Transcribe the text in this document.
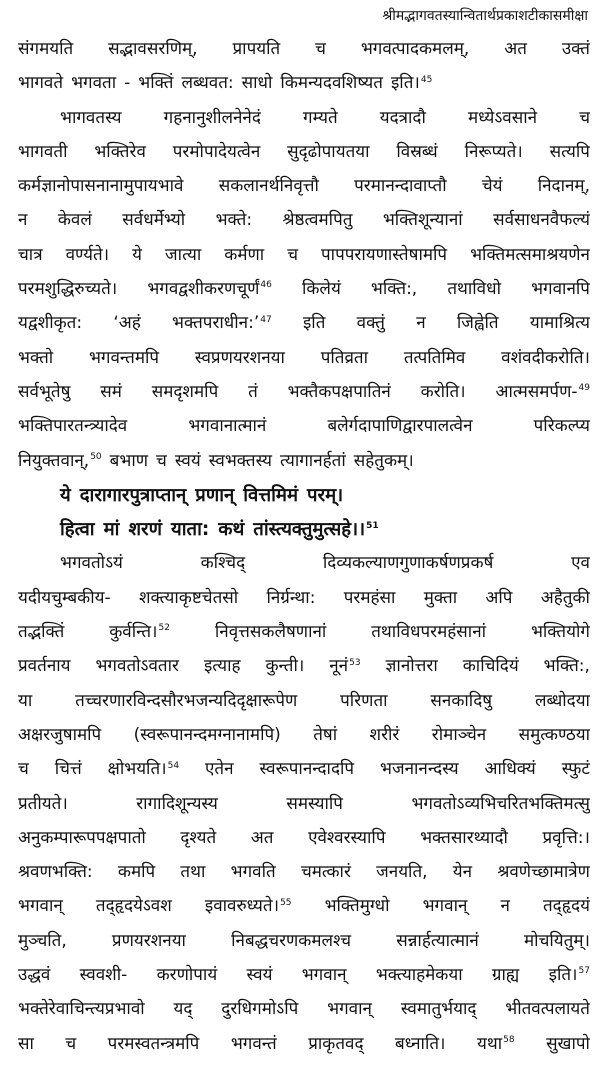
श्रीमद्भागवतस्यान्वितार्थप्रकाशटीकासमीक्षा
संगमयति सद्भावसरणिम्, प्रापयति च भगवत्पादकमलम्, अत उक्तं
भागवते भगवता - भक्तिं लब्धवत: साधो किमन्यदवशिष्यत इति।$^{45}$
भागवतस्य गहनानुशीलनेनेदं गम्यते यदत्रादौ मध्येऽवसाने च
भागवती भक्तिरेव परमोपादेयत्वेन सुदृढोपायतया विस्रब्धं निरूप्यते। सत्यपि
कर्मज्ञानोपासनानामुपायभावे सकलानर्थनिवृत्तौ परमानन्दावाप्तौ चेयं निदानम्,
न केवलं सर्वधर्मेभ्यो भक्ते: श्रेष्ठत्वमपितु भक्तिशून्यानां सर्वसाधनवैफल्यं
चात्र वर्ण्यते। ये जात्या कर्मणा च पापपरायणास्तेषामपि भक्तिमत्समाश्रयणेन
परमशुद्धिरुच्यते। भगवद्वशीकरणचूर्णं$^{46}$ किलेयं भक्ति:, तथाविधो भगवानपि
यद्वशीकृत: ‘अहं भक्तपराधीन:’$^{47}$ इति वक्तुं न जिह्वेति यामाश्रित्य
भक्तो भगवन्तमपि स्वप्रणयरशनया पतिव्रता तत्पतिमिव वशंवदीकरोति।
सर्वभूतेषु समं समदृशमपि तं भक्तैकपक्षपातिनं करोति। आत्मसमर्पण-$^{49}$
भक्तिपारतन्त्र्यादेव	भगवानात्मानं	बलेर्गदापाणिद्वारपालत्वेन	परिकल्प्य
नियुक्तवान्,$^{50}$ बभाण च स्वयं स्वभक्तस्य त्यागानर्हतां सहेतुकम्।
ये दारागारपुत्राप्तान् प्रणान् वित्तमिमं परम्।
हित्वा मां शरणं याता: कथं तांस्त्यक्तुमुत्सहे।।$^{51}$
भगवतोऽयं	कश्चिद्	दिव्यकल्याणगुणाकर्षणप्रकर्ष	एव
यदीयचुम्बकीय- शक्त्याकृष्टचेतसो निर्ग्रन्था: परमहंसा मुक्ता अपि अहैतुकी
तद्भक्तिं	कुर्वन्ति।$^{52}$	निवृत्तसकलैषणानां	तथाविधपरमहंसानां	भक्तियोगे
प्रवर्तनाय भगवतोऽवतार इत्याह कुन्ती। नूनं$^{53}$ ज्ञानोत्तरा काचिदियं भक्ति:,
या	तच्चरणारविन्दसौरभजन्यदिदृक्षारूपेण	परिणता	सनकादिषु	लब्धोदया
अक्षरजुषामपि (स्वरूपानन्दमग्नानामपि) तेषां शरीरं रोमाञ्चेन समुत्कण्ठया
च चित्तं क्षोभयति।$^{54}$ एतेन स्वरूपानन्दादपि भजनानन्दस्य आधिक्यं स्फुटं
प्रतीयते।	रागादिशून्यस्य	समस्यापि	भगवतोऽव्यभिचरितभक्तिमत्सु
अनुकम्पारूपपक्षपातो दृश्यते अत एवेश्वरस्यापि भक्तसारथ्यादौ प्रवृत्ति:।
श्रवणभक्ति: कमपि तथा भगवति चमत्कारं जनयति, येन श्रवणेच्छामात्रेण
भगवान् तद्हृदयेऽवश इवावरुध्यते।$^{55}$ भक्तिमुग्धो भगवान् न तद्हृदयं
मुञ्चति,	प्रणयरशनया	निबद्धचरणकमलश्च	सन्नार्हत्यात्मानं	मोचयितुम्।
उद्धवं स्ववशी- करणोपायं स्वयं भगवान् भक्त्याहमेकया ग्राह्य इति।$^{57}$
भक्तेरेवाचिन्त्यप्रभावो यद् दुरधिगमोऽपि भगवान् स्वमातुर्भयाद् भीतवत्पलायते
सा च परमस्वतन्त्रमपि भगवन्तं प्राकृतवद् बध्नाति। यथा$^{58}$ सुखापो
